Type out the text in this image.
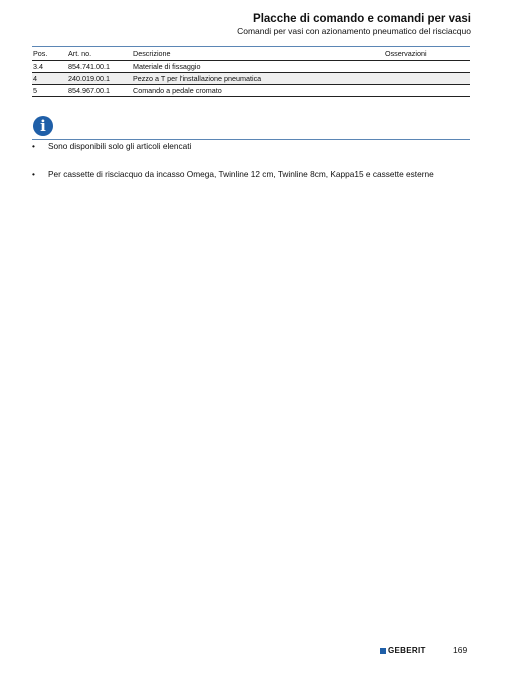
Placche di comando e comandi per vasi
Comandi per vasi con azionamento pneumatico del risciacquo
Pos.	Art. no.	Descrizione	Osservazioni
3.4	854.741.00.1	Materiale di fissaggio
4	240.019.00.1	Pezzo a T per l'installazione pneumatica
5	854.967.00.1	Comando a pedale cromato
i
•	Sono disponibili solo gli articoli elencati
•	Per cassette di risciacquo da incasso Omega, Twinline 12 cm, Twinline 8cm, Kappa15 e cassette esterne
GEBERIT	169
